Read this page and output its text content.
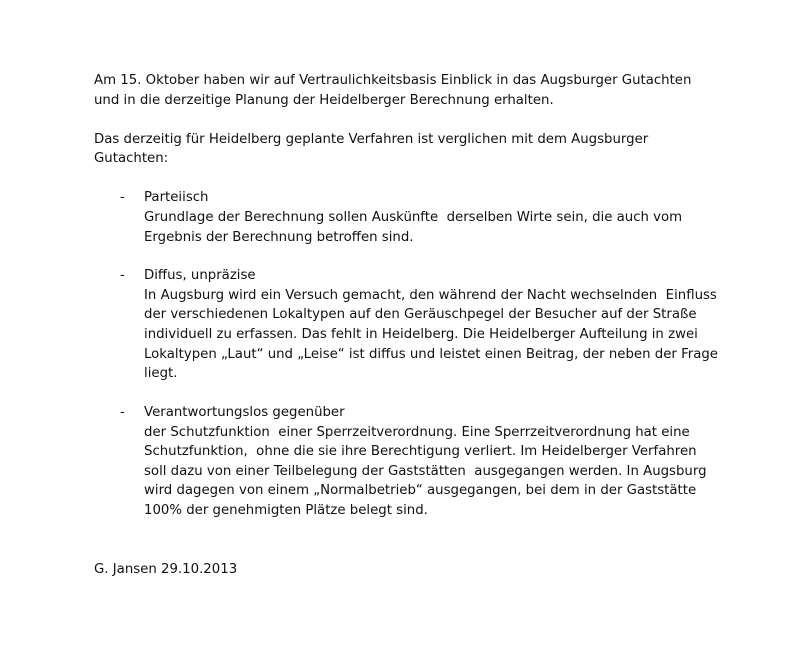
Am 15. Oktober haben wir auf Vertraulichkeitsbasis Einblick in das Augsburger Gutachten
und in die derzeitige Planung der Heidelberger Berechnung erhalten.
Das derzeitig für Heidelberg geplante Verfahren ist verglichen mit dem Augsburger
Gutachten:
-	Parteiisch
Grundlage der Berechnung sollen Auskünfte  derselben Wirte sein, die auch vom
Ergebnis der Berechnung betroffen sind.
-	Diffus, unpräzise
In Augsburg wird ein Versuch gemacht, den während der Nacht wechselnden  Einfluss
der verschiedenen Lokaltypen auf den Geräuschpegel der Besucher auf der Straße
individuell zu erfassen. Das fehlt in Heidelberg. Die Heidelberger Aufteilung in zwei
Lokaltypen „Laut“ und „Leise“ ist diffus und leistet einen Beitrag, der neben der Frage
liegt.
-	Verantwortungslos gegenüber
der Schutzfunktion  einer Sperrzeitverordnung. Eine Sperrzeitverordnung hat eine
Schutzfunktion,  ohne die sie ihre Berechtigung verliert. Im Heidelberger Verfahren
soll dazu von einer Teilbelegung der Gaststätten  ausgegangen werden. In Augsburg
wird dagegen von einem „Normalbetrieb“ ausgegangen, bei dem in der Gaststätte
100% der genehmigten Plätze belegt sind.
G. Jansen 29.10.2013
